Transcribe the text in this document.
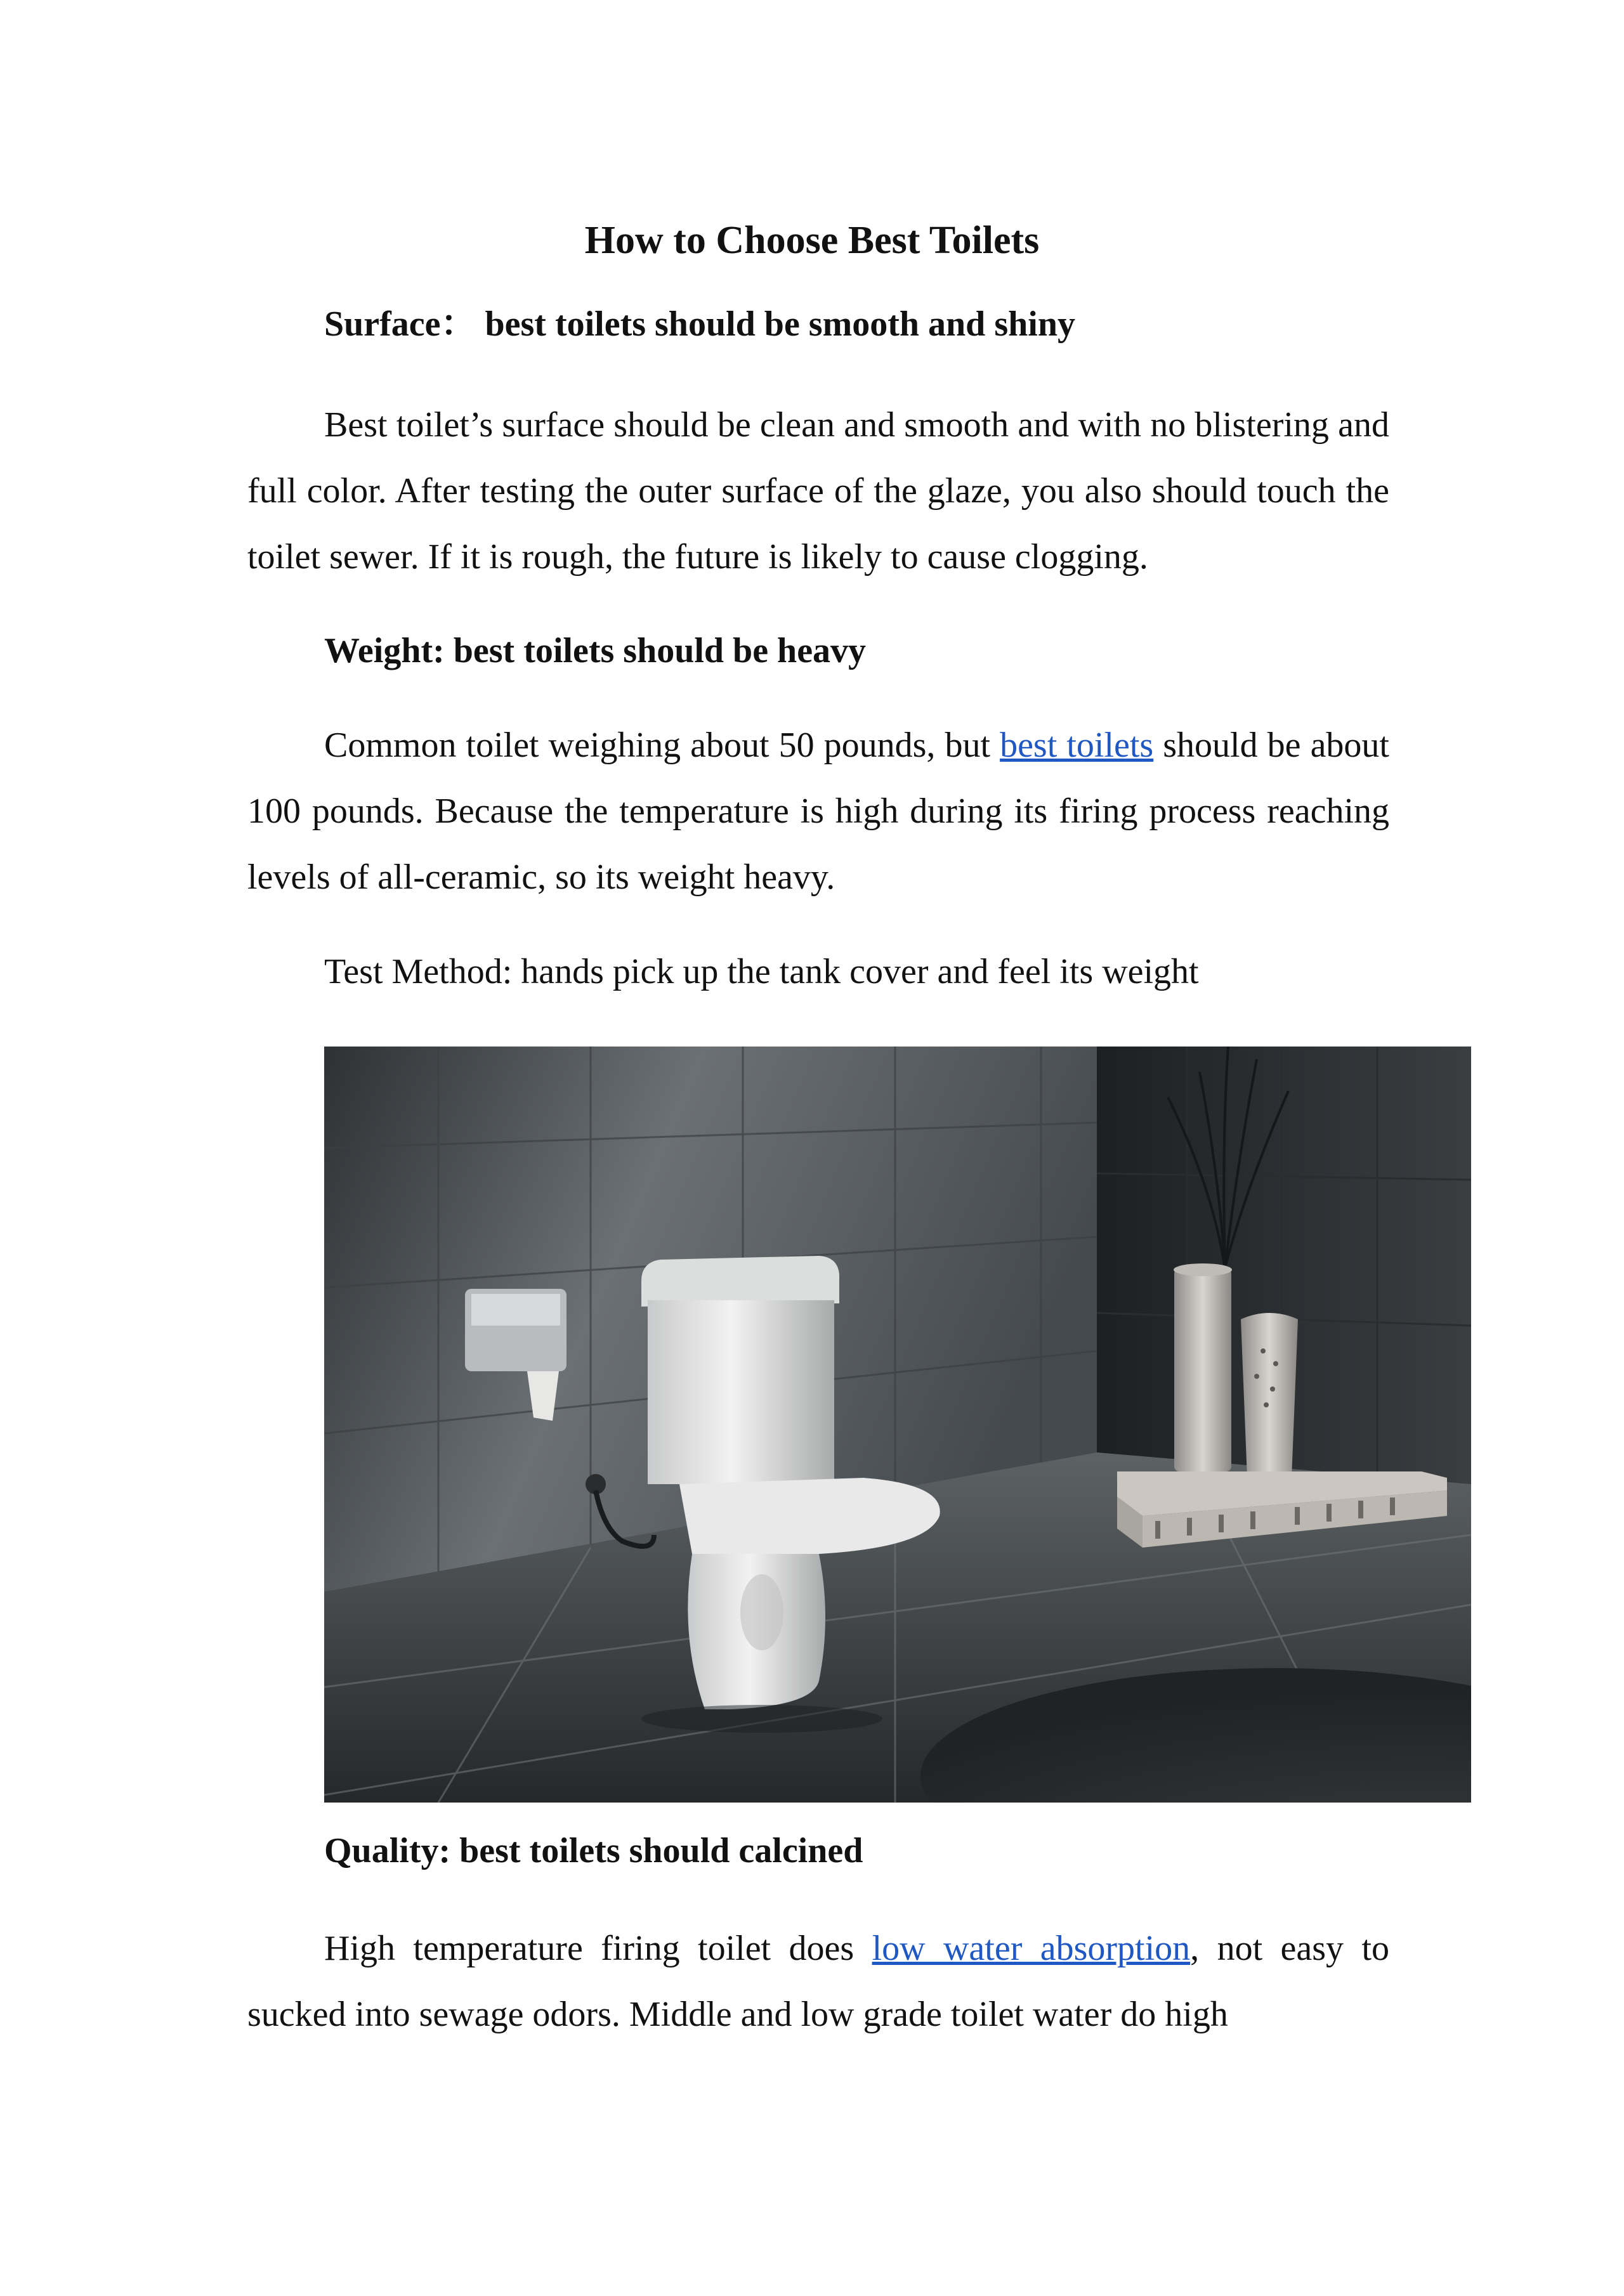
How to Choose Best Toilets
Surface： best toilets should be smooth and shiny

Best toilet’s surface should be clean and smooth and with no blistering and full color. After testing the outer surface of the glaze, you also should touch the toilet sewer. If it is rough, the future is likely to cause clogging.

Weight: best toilets should be heavy

Common toilet weighing about 50 pounds, but best toilets should be about 100 pounds. Because the temperature is high during its firing process reaching levels of all-ceramic, so its weight heavy.

Test Method: hands pick up the tank cover and feel its weight

Quality: best toilets should calcined

High temperature firing toilet does low water absorption, not easy to sucked into sewage odors. Middle and low grade toilet water do high
